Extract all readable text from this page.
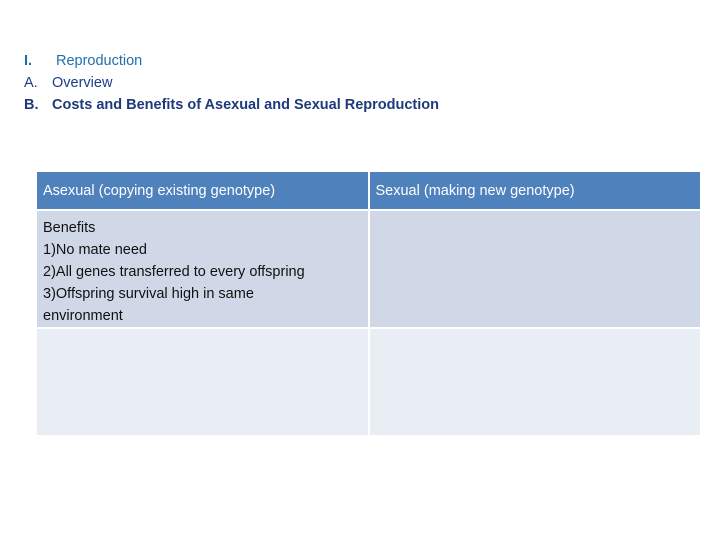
I. Reproduction
A. Overview
B. Costs and Benefits of Asexual and Sexual Reproduction
Asexual (copying existing genotype)	Sexual (making new genotype)

Benefits
1)No mate need
2)All genes transferred to every offspring
3)Offspring survival high in same
environment	
